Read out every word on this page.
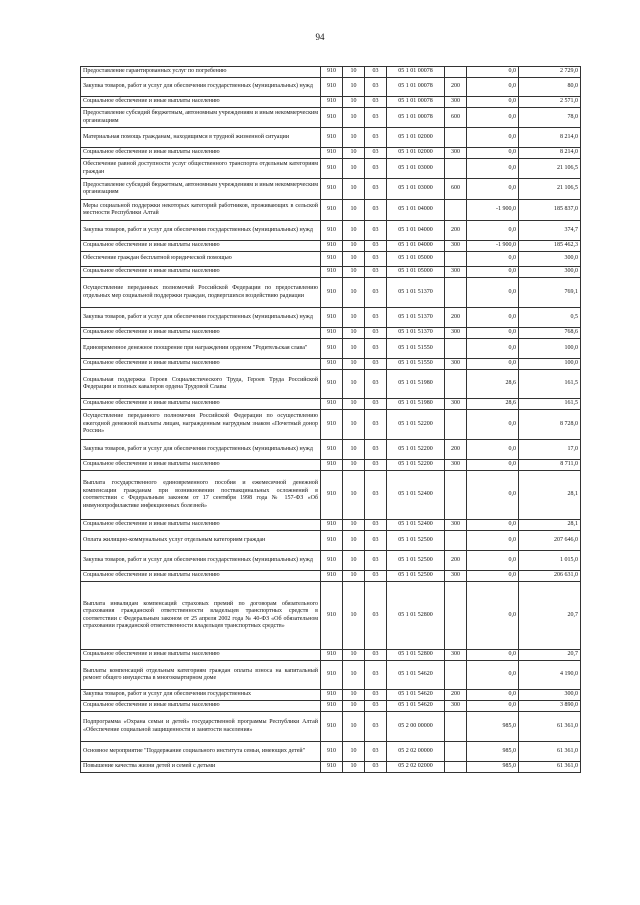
94
Предоставление гарантированных услуг по погребению	910	10	03	05 1 01 00078		0,0	2 729,0
Закупка товаров, работ и услуг для обеспечения государственных (муниципальных) нужд	910	10	03	05 1 01 00078	200	0,0	80,0
Социальное обеспечение и иные выплаты населению	910	10	03	05 1 01 00078	300	0,0	2 571,0
Предоставление субсидий бюджетным, автономным учреждениям и иным некоммерческим организациям	910	10	03	05 1 01 00078	600	0,0	78,0
Материальная помощь гражданам, находящимся в трудной жизненной ситуации	910	10	03	05 1 01 02000		0,0	8 214,0
Социальное обеспечение и иные выплаты населению	910	10	03	05 1 01 02000	300	0,0	8 214,0
Обеспечение равной доступности услуг общественного транспорта отдельным категориям граждан	910	10	03	05 1 01 03000		0,0	21 106,5
Предоставление субсидий бюджетным, автономным учреждениям и иным некоммерческим организациям	910	10	03	05 1 01 03000	600	0,0	21 106,5
Меры социальной поддержки некоторых категорий работников, проживающих в сельской местности Республики Алтай	910	10	03	05 1 01 04000		-1 900,0	185 837,0
Закупка товаров, работ и услуг для обеспечения государственных (муниципальных) нужд	910	10	03	05 1 01 04000	200	0,0	374,7
Социальное обеспечение и иные выплаты населению	910	10	03	05 1 01 04000	300	-1 900,0	185 462,3
Обеспечение граждан бесплатной юридической помощью	910	10	03	05 1 01 05000		0,0	300,0
Социальное обеспечение и иные выплаты населению	910	10	03	05 1 01 05000	300	0,0	300,0
Осуществление переданных полномочий Российской Федерации по предоставлению отдельных мер социальной поддержки граждан, подвергшихся воздействию радиации	910	10	03	05 1 01 51370		0,0	769,1
Закупка товаров, работ и услуг для обеспечения государственных (муниципальных) нужд	910	10	03	05 1 01 51370	200	0,0	0,5
Социальное обеспечение и иные выплаты населению	910	10	03	05 1 01 51370	300	0,0	768,6
Единовременное денежное поощрение при награждении орденом "Родительская слава"	910	10	03	05 1 01 51550		0,0	100,0
Социальное обеспечение и иные выплаты населению	910	10	03	05 1 01 51550	300	0,0	100,0
Социальная поддержка Героев Социалистического Труда, Героев Труда Российской Федерации и полных кавалеров ордена Трудовой Славы	910	10	03	05 1 01 51980		28,6	161,5
Социальное обеспечение и иные выплаты населению	910	10	03	05 1 01 51980	300	28,6	161,5
Осуществление переданного полномочия Российской Федерации по осуществлению ежегодной денежной выплаты лицам, награжденным нагрудным знаком «Почетный донор России»	910	10	03	05 1 01 52200		0,0	8 728,0
Закупка товаров, работ и услуг для обеспечения государственных (муниципальных) нужд	910	10	03	05 1 01 52200	200	0,0	17,0
Социальное обеспечение и иные выплаты населению	910	10	03	05 1 01 52200	300	0,0	8 711,0
Выплата государственного единовременного пособия и ежемесячной денежной компенсации гражданам при возникновении поствакцинальных осложнений в соответствии с Федеральным законом от 17 сентября 1998 года № 157-ФЗ «Об иммунопрофилактике инфекционных болезней»	910	10	03	05 1 01 52400		0,0	28,1
Социальное обеспечение и иные выплаты населению	910	10	03	05 1 01 52400	300	0,0	28,1
Оплата жилищно-коммунальных услуг отдельным категориям граждан	910	10	03	05 1 01 52500		0,0	207 646,0
Закупка товаров, работ и услуг для обеспечения государственных (муниципальных) нужд	910	10	03	05 1 01 52500	200	0,0	1 015,0
Социальное обеспечение и иные выплаты населению	910	10	03	05 1 01 52500	300	0,0	206 631,0
Выплата инвалидам компенсаций страховых премий по договорам обязательного страхования гражданской ответственности владельцев транспортных средств в соответствии с Федеральным законом от 25 апреля 2002 года № 40-ФЗ «Об обязательном страховании гражданской ответственности владельцев транспортных средств»	910	10	03	05 1 01 52800		0,0	20,7
Социальное обеспечение и иные выплаты населению	910	10	03	05 1 01 52800	300	0,0	20,7
Выплаты компенсаций отдельным категориям граждан оплаты взноса на капитальный ремонт общего имущества в многоквартирном доме	910	10	03	05 1 01 54620		0,0	4 190,0
Закупка товаров, работ и услуг для обеспечения государственных	910	10	03	05 1 01 54620	200	0,0	300,0
Социальное обеспечение и иные выплаты населению	910	10	03	05 1 01 54620	300	0,0	3 890,0
Подпрограмма «Охрана семьи и детей» государственной программы Республики Алтай «Обеспечение социальной защищенности и занятости населения»	910	10	03	05 2 00 00000		985,0	61 361,0
Основное мероприятие "Поддержание социального института семьи, имеющих детей"	910	10	03	05 2 02 00000		985,0	61 361,0
Повышение качества жизни детей и семей с детьми	910	10	03	05 2 02 02000		985,0	61 361,0
